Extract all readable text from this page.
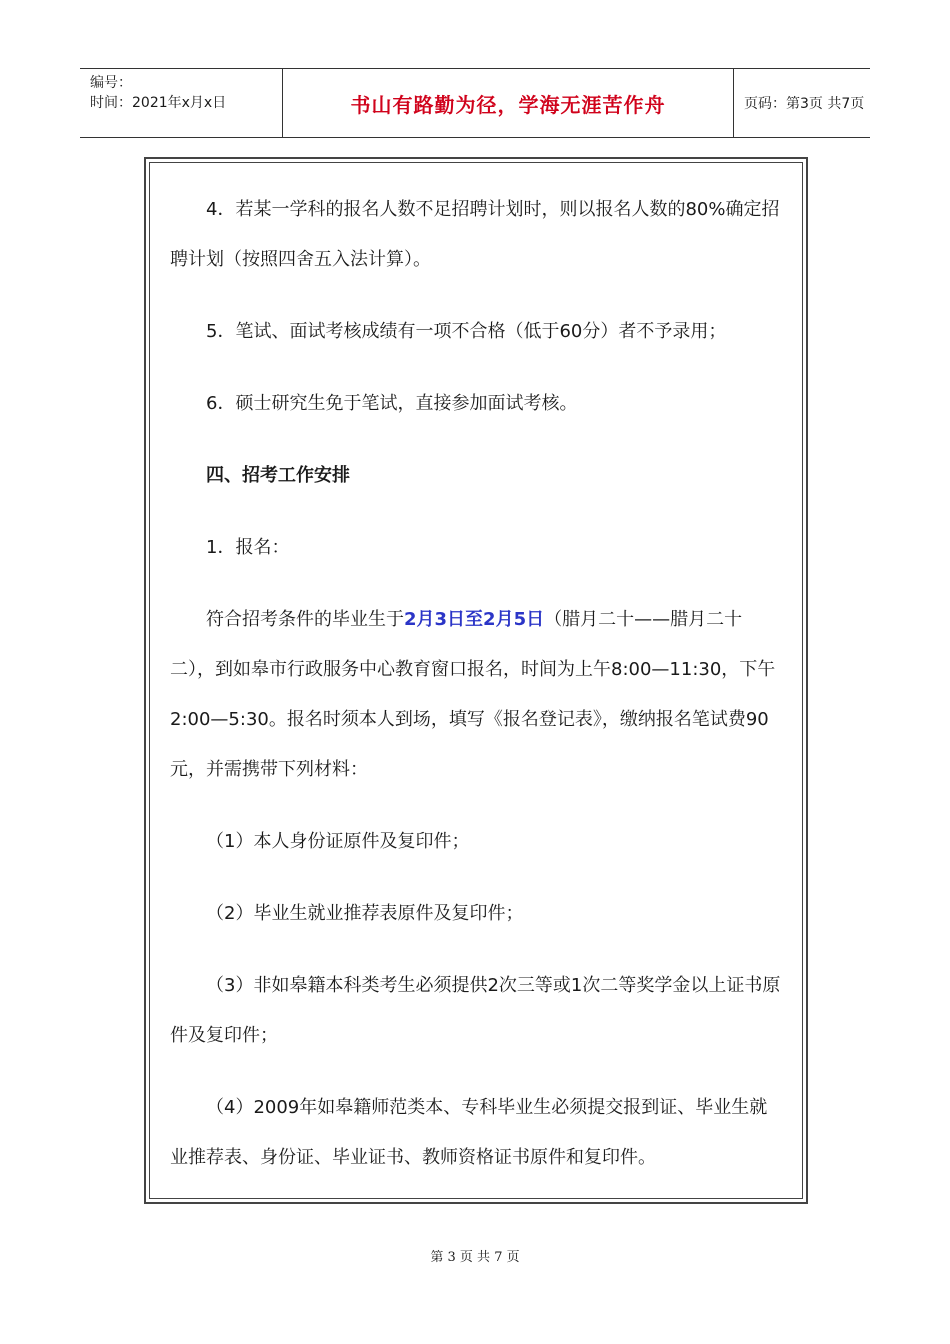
编号：
时间：2021年x月x日	书山有路勤为径，学海无涯苦作舟	页码：第3页 共7页

4．若某一学科的报名人数不足招聘计划时，则以报名人数的80%确定招聘计划（按照四舍五入法计算）。

5．笔试、面试考核成绩有一项不合格（低于60分）者不予录用；

6．硕士研究生免于笔试，直接参加面试考核。

四、招考工作安排

1．报名：

符合招考条件的毕业生于2月3日至2月5日（腊月二十——腊月二十二），到如皋市行政服务中心教育窗口报名，时间为上午8:00—11:30，下午2:00—5:30。报名时须本人到场，填写《报名登记表》，缴纳报名笔试费90元，并需携带下列材料：

（1）本人身份证原件及复印件；

（2）毕业生就业推荐表原件及复印件；

（3）非如皋籍本科类考生必须提供2次三等或1次二等奖学金以上证书原件及复印件；

（4）2009年如皋籍师范类本、专科毕业生必须提交报到证、毕业生就业推荐表、身份证、毕业证书、教师资格证书原件和复印件。

第 3 页 共 7 页
